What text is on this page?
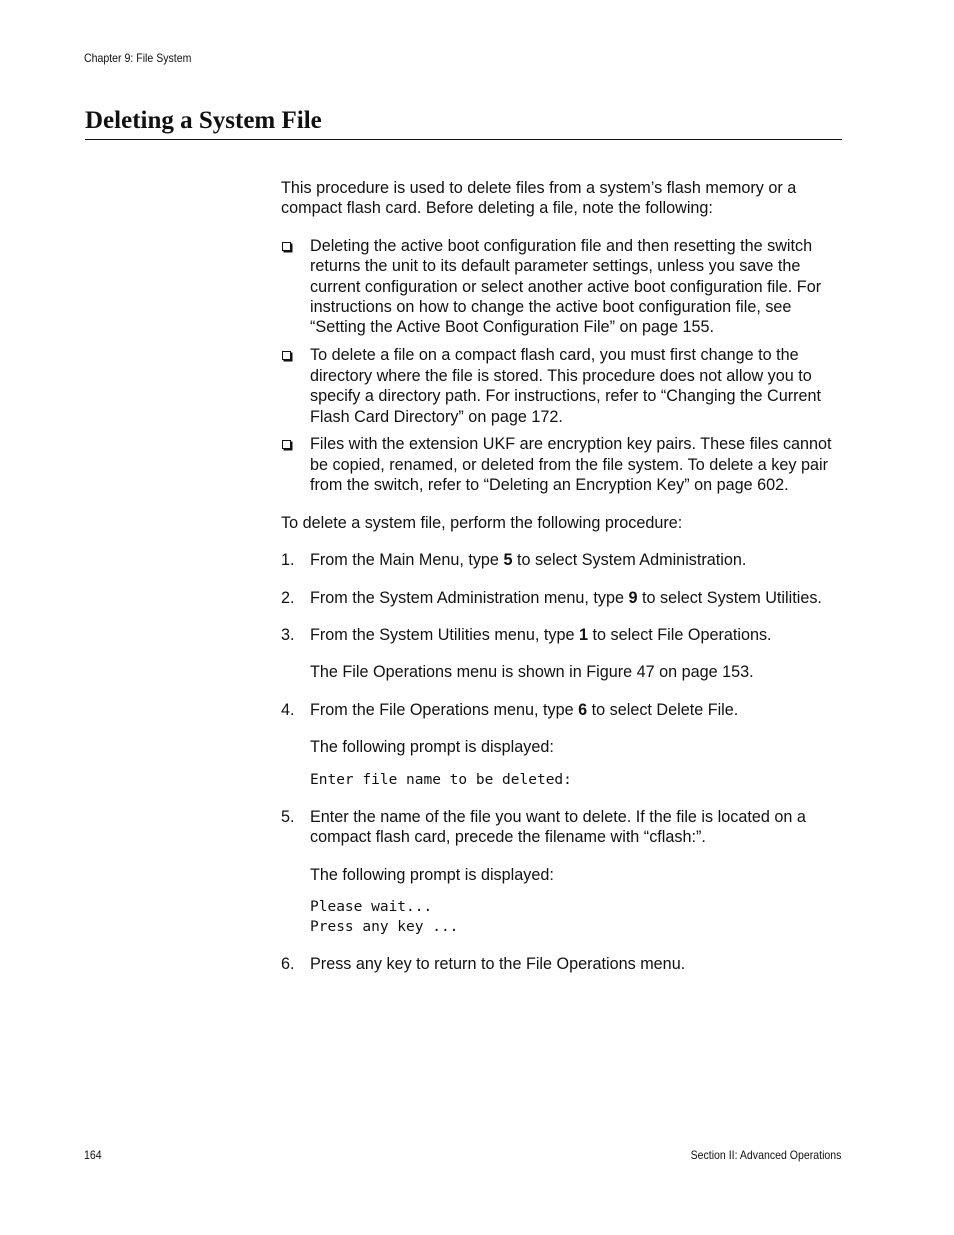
Chapter 9: File System
Deleting a System File

This procedure is used to delete files from a system’s flash memory or a compact flash card. Before deleting a file, note the following:

Deleting the active boot configuration file and then resetting the switch returns the unit to its default parameter settings, unless you save the current configuration or select another active boot configuration file. For instructions on how to change the active boot configuration file, see “Setting the Active Boot Configuration File” on page 155.
To delete a file on a compact flash card, you must first change to the directory where the file is stored. This procedure does not allow you to specify a directory path. For instructions, refer to “Changing the Current Flash Card Directory” on page 172.
Files with the extension UKF are encryption key pairs. These files cannot be copied, renamed, or deleted from the file system. To delete a key pair from the switch, refer to “Deleting an Encryption Key” on page 602.

To delete a system file, perform the following procedure:

1. From the Main Menu, type 5 to select System Administration.
2. From the System Administration menu, type 9 to select System Utilities.
3. From the System Utilities menu, type 1 to select File Operations.

The File Operations menu is shown in Figure 47 on page 153.

4. From the File Operations menu, type 6 to select Delete File.

The following prompt is displayed:

Enter file name to be deleted:
5. Enter the name of the file you want to delete. If the file is located on a compact flash card, precede the filename with “cflash:”.

The following prompt is displayed:

Please wait...
Press any key ...
6. Press any key to return to the File Operations menu.
164	Section II: Advanced Operations
